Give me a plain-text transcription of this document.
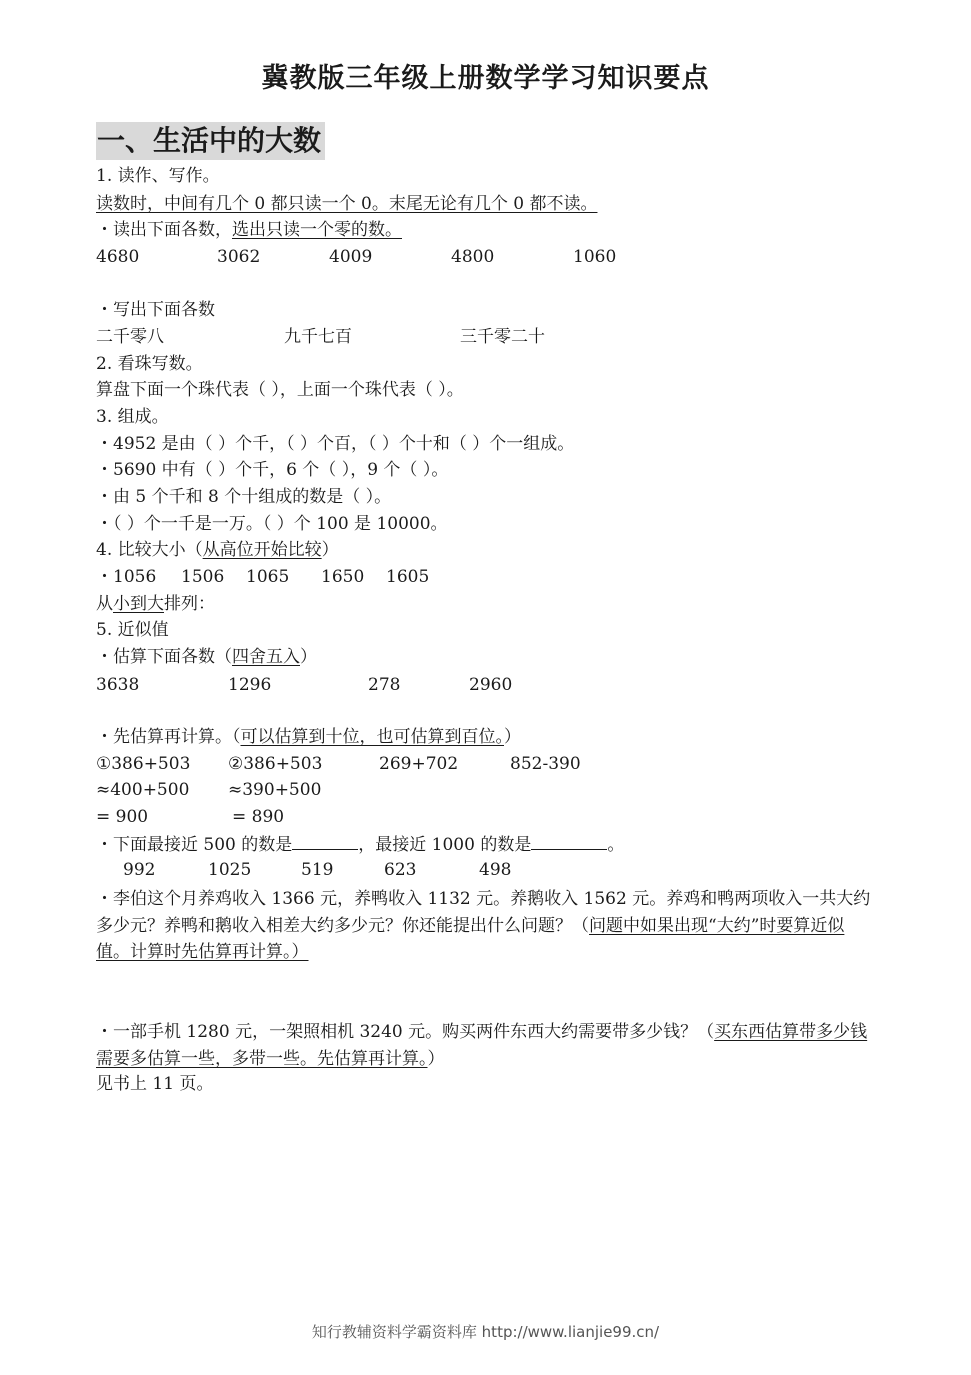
冀教版三年级上册数学学习知识要点
一、生活中的大数
1. 读作、写作。
读数时，中间有几个 0 都只读一个 0。末尾无论有几个 0 都不读。
・读出下面各数，选出只读一个零的数。
4680	3062	4009	4800	1060
・写出下面各数
二千零八	九千七百	三千零二十
2. 看珠写数。
算盘下面一个珠代表（ ），上面一个珠代表（ ）。
3. 组成。
・4952 是由（ ）个千，（ ）个百，（ ）个十和（ ）个一组成。
・5690 中有（ ）个千，6 个（ ），9 个（ ）。
・由 5 个千和 8 个十组成的数是（ ）。
・（ ）个一千是一万。（ ）个 100 是 10000。
4. 比较大小（从高位开始比较）
・1056 1506 1065 1650 1605
从小到大排列：
5. 近似值
・估算下面各数（四舍五入）
3638	1296	278	2960
・先估算再计算。（可以估算到十位，也可估算到百位。）
①386+503 ②386+503	269+702	852-390
≈400+500 ≈390+500
= 900	= 890
・下面最接近 500 的数是	，最接近 1000 的数是	。
992	1025	519	623	498
・李伯这个月养鸡收入 1366 元，养鸭收入 1132 元。养鹅收入 1562 元。养鸡和鸭两项收入一共大约多少元？养鸭和鹅收入相差大约多少元？你还能提出什么问题？（问题中如果出现“大约”时要算近似值。计算时先估算再计算。）
・一部手机 1280 元，一架照相机 3240 元。购买两件东西大约需要带多少钱？（买东西估算带多少钱需要多估算一些，多带一些。先估算再计算。）
见书上 11 页。
知行教辅资料学霸资料库 http://www.lianjie99.cn/
